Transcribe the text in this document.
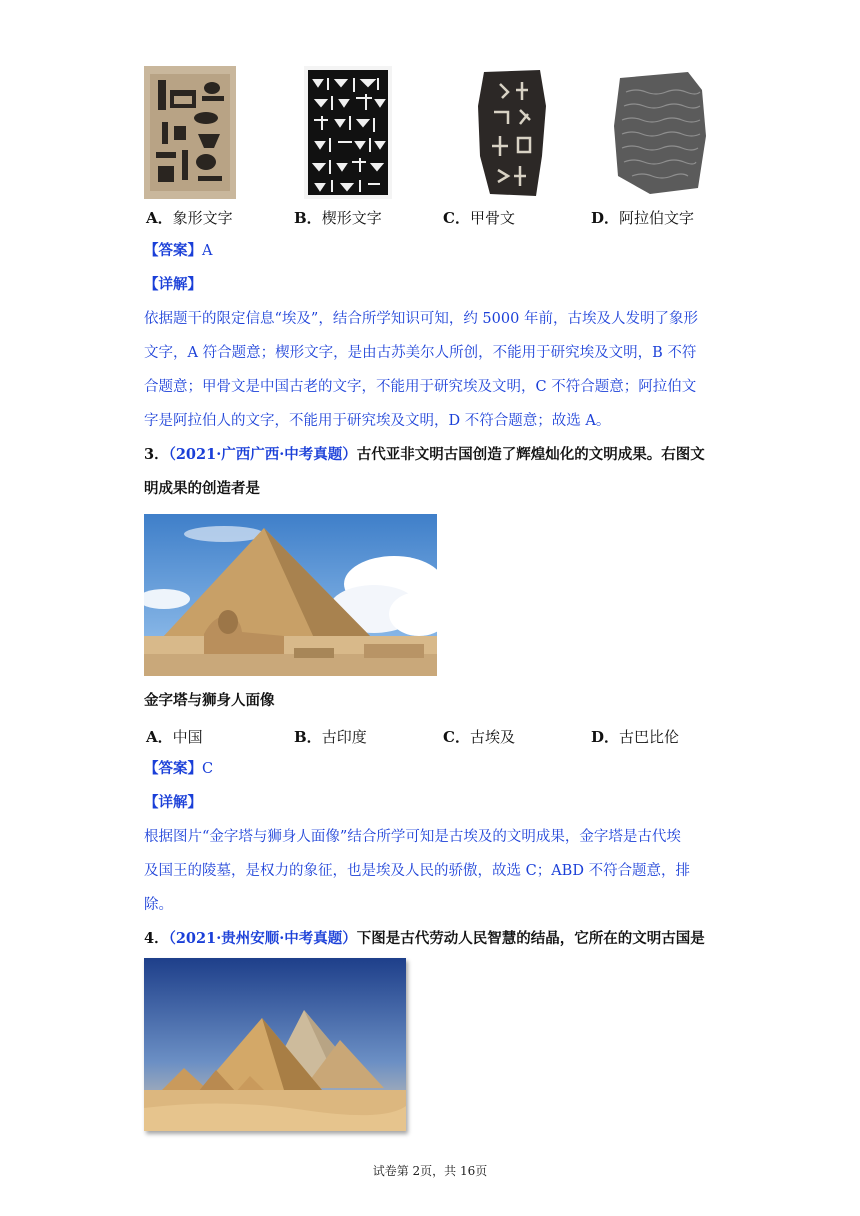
A．象形文字	B．楔形文字	C．甲骨文	D．阿拉伯文字
【答案】A
【详解】
依据题干的限定信息“埃及”，结合所学知识可知，约 5000 年前，古埃及人发明了象形
文字，A 符合题意；楔形文字，是由古苏美尔人所创，不能用于研究埃及文明，B 不符
合题意；甲骨文是中国古老的文字，不能用于研究埃及文明，C 不符合题意；阿拉伯文
字是阿拉伯人的文字，不能用于研究埃及文明，D 不符合题意；故选 A。
3．（2021·广西广西·中考真题）古代亚非文明古国创造了辉煌灿化的文明成果。右图文
明成果的创造者是
金字塔与狮身人面像
A．中国	B．古印度	C．古埃及	D．古巴比伦
【答案】C
【详解】
根据图片“金字塔与狮身人面像”结合所学可知是古埃及的文明成果，金字塔是古代埃
及国王的陵墓，是权力的象征，也是埃及人民的骄傲，故选 C；ABD 不符合题意，排
除。
4．（2021·贵州安顺·中考真题）下图是古代劳动人民智慧的结晶，它所在的文明古国是
试卷第 2页，共 16页
